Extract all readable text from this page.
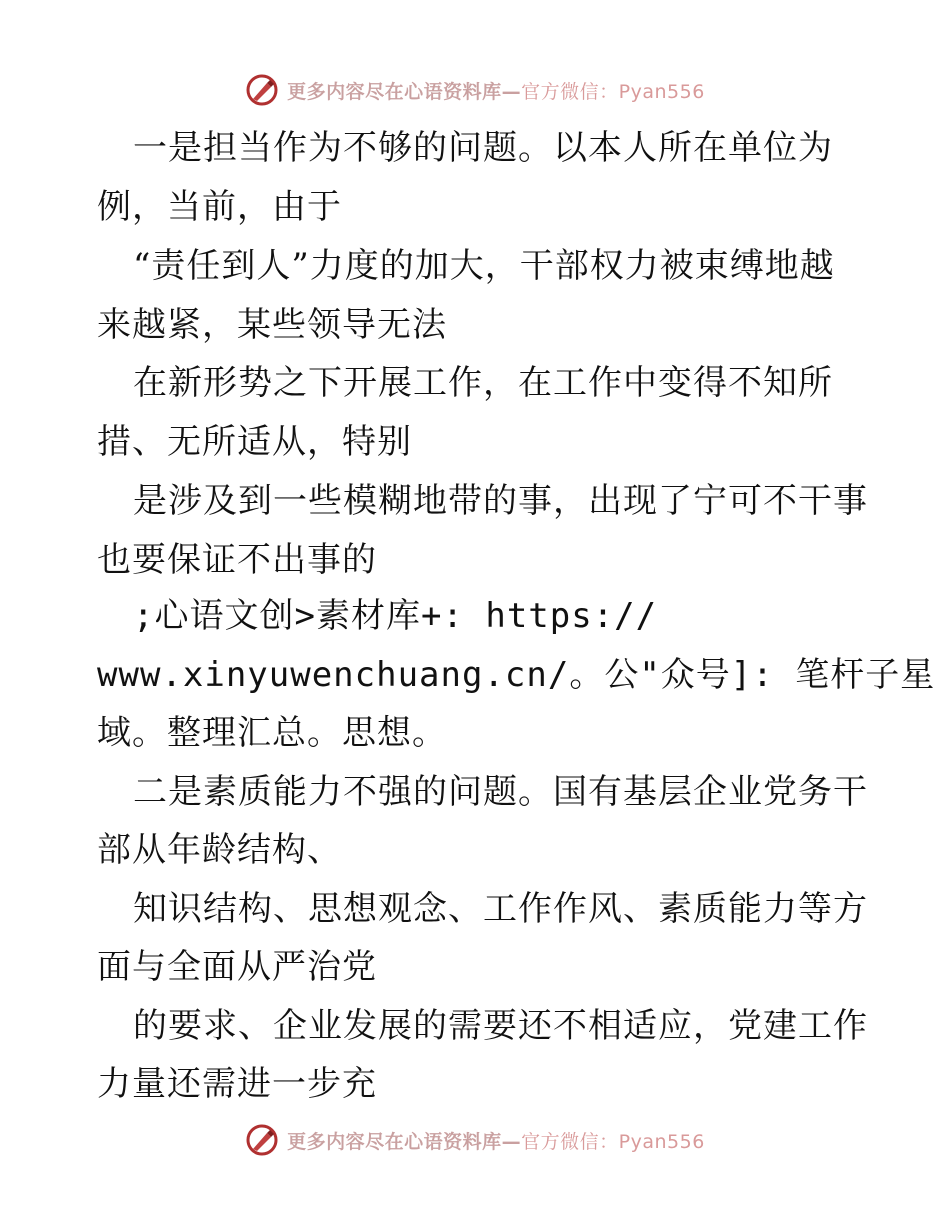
更多内容尽在心语资料库—官方微信：Pyan556
一是担当作为不够的问题。以本人所在单位为
例，当前，由于
“责任到人”力度的加大，干部权力被束缚地越
来越紧，某些领导无法
在新形势之下开展工作，在工作中变得不知所
措、无所适从，特别
是涉及到一些模糊地带的事，出现了宁可不干事
也要保证不出事的
;心语文创>素材库+: https://
www.xinyuwenchuang.cn/。公"众号]: 笔杆子星
域。整理汇总。思想。
二是素质能力不强的问题。国有基层企业党务干
部从年龄结构、
知识结构、思想观念、工作作风、素质能力等方
面与全面从严治党
的要求、企业发展的需要还不相适应，党建工作
力量还需进一步充
更多内容尽在心语资料库—官方微信：Pyan556
